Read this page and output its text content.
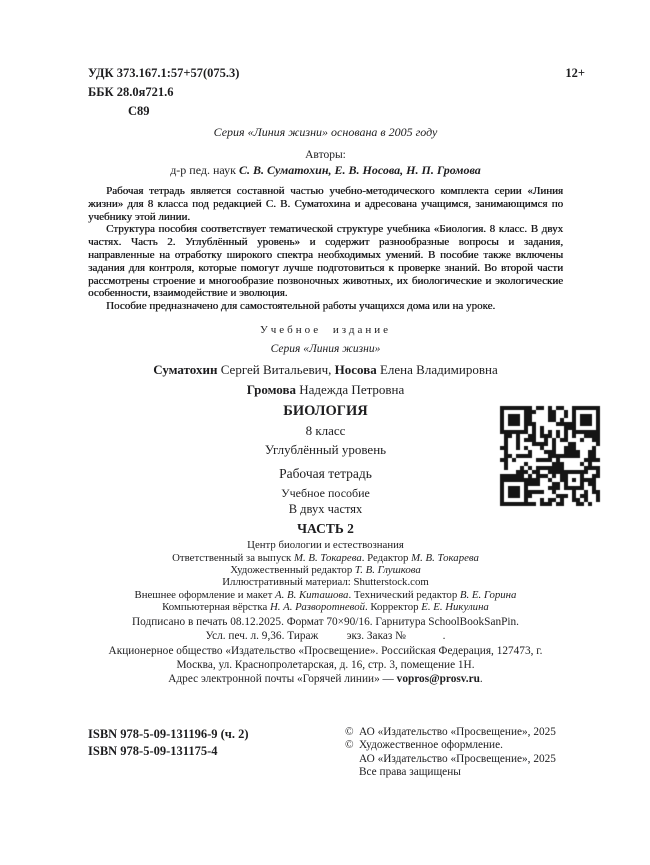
УДК 373.167.1:57+57(075.3)
ББК 28.0я721.6
С89
12+
Серия «Линия жизни» основана в 2005 году
Авторы:
д-р пед. наук С. В. Суматохин, Е. В. Носова, Н. П. Громова

Рабочая тетрадь является составной частью учебно-методического комплекта серии «Линия жизни» для 8 класса под редакцией С. В. Суматохина и адресована учащимся, занимающимся по учебнику этой линии.

Структура пособия соответствует тематической структуре учебника «Биология. 8 класс. В двух частях. Часть 2. Углублённый уровень» и содержит разнообразные вопросы и задания, направленные на отработку широкого спектра необходимых умений. В пособие также включены задания для контроля, которые помогут лучше подготовиться к проверке знаний. Во второй части рассмотрены строение и многообразие позвоночных животных, их биологические и экологические особенности, взаимодействие и эволюция.

Пособие предназначено для самостоятельной работы учащихся дома или на уроке.

Учебное издание
Серия «Линия жизни»
Суматохин Сергей Витальевич, Носова Елена Владимировна
Громова Надежда Петровна
БИОЛОГИЯ
8 класс
Углублённый уровень
Рабочая тетрадь
Учебное пособие
В двух частях
ЧАСТЬ 2
Центр биологии и естествознания
Ответственный за выпуск М. В. Токарева. Редактор М. В. Токарева
Художественный редактор Т. В. Глушкова
Иллюстративный материал: Shutterstock.com
Внешнее оформление и макет А. В. Киташова. Технический редактор В. Е. Горина
Компьютерная вёрстка Н. А. Разворотневой. Корректор Е. Е. Никулина
Подписано в печать 08.12.2025. Формат 70×90/16. Гарнитура SchoolBookSanPin.
Усл. печ. л. 9,36. Тираж          экз. Заказ №             .
Акционерное общество «Издательство «Просвещение». Российская Федерация, 127473, г. Москва, ул. Краснопролетарская, д. 16, стр. 3, помещение 1Н.
Адрес электронной почты «Горячей линии» — vopros@prosv.ru.
ISBN 978-5-09-131196-9 (ч. 2)
ISBN 978-5-09-131175-4
© АО «Издательство «Просвещение», 2025
© Художественное оформление.
АО «Издательство «Просвещение», 2025
Все права защищены
